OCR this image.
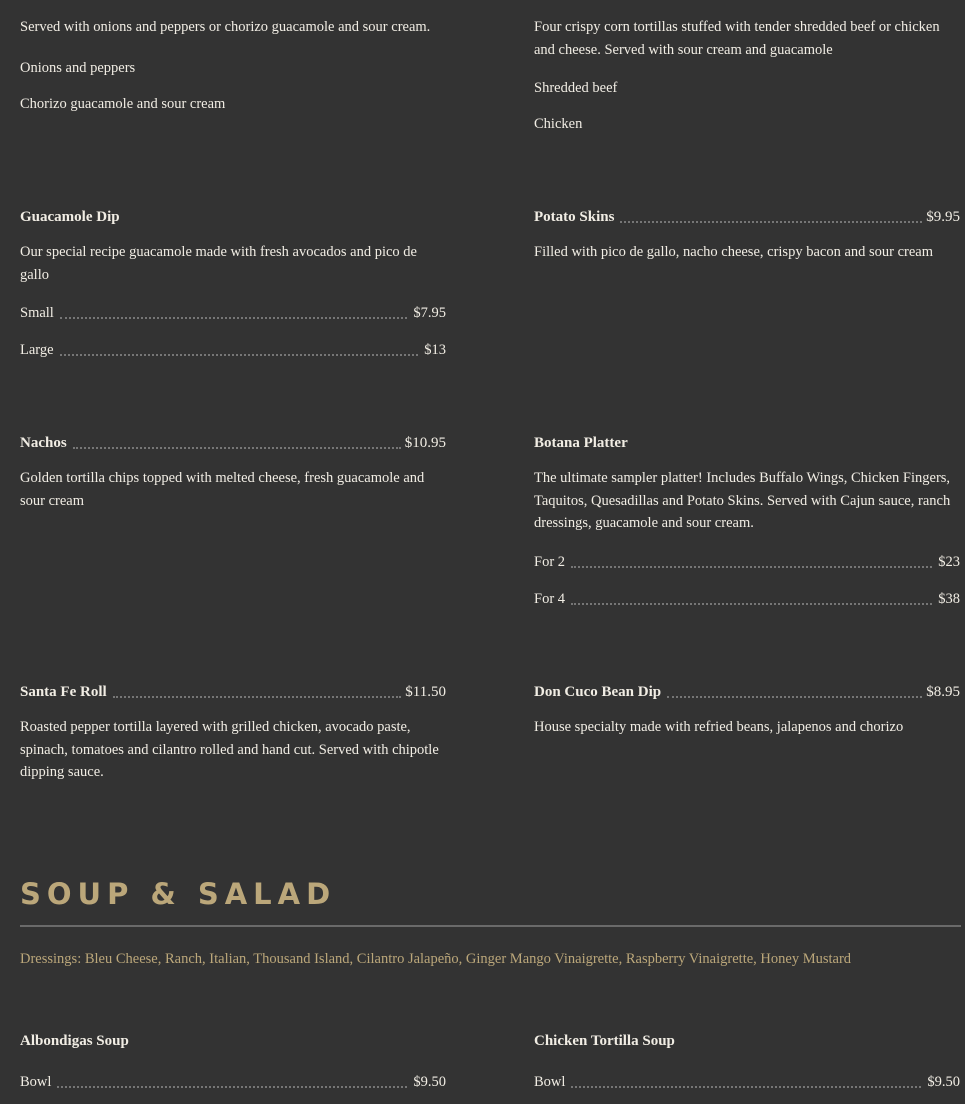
Served with onions and peppers or chorizo guacamole and sour cream.
Onions and peppers
Chorizo guacamole and sour cream
Four crispy corn tortillas stuffed with tender shredded beef or chicken and cheese. Served with sour cream and guacamole
Shredded beef
Chicken
Guacamole Dip
Our special recipe guacamole made with fresh avocados and pico de gallo
Small	$7.95
Large	$13
Potato Skins	$9.95
Filled with pico de gallo, nacho cheese, crispy bacon and sour cream
Nachos	$10.95
Golden tortilla chips topped with melted cheese, fresh guacamole and sour cream
Botana Platter
The ultimate sampler platter! Includes Buffalo Wings, Chicken Fingers, Taquitos, Quesadillas and Potato Skins. Served with Cajun sauce, ranch dressings, guacamole and sour cream.
For 2	$23
For 4	$38
Santa Fe Roll	$11.50
Roasted pepper tortilla layered with grilled chicken, avocado paste, spinach, tomatoes and cilantro rolled and hand cut. Served with chipotle dipping sauce.
Don Cuco Bean Dip	$8.95
House specialty made with refried beans, jalapenos and chorizo
SOUP & SALAD
Dressings: Bleu Cheese, Ranch, Italian, Thousand Island, Cilantro Jalapeño, Ginger Mango Vinaigrette, Raspberry Vinaigrette, Honey Mustard
Albondigas Soup
Bowl	$9.50
Chicken Tortilla Soup
Bowl	$9.50
